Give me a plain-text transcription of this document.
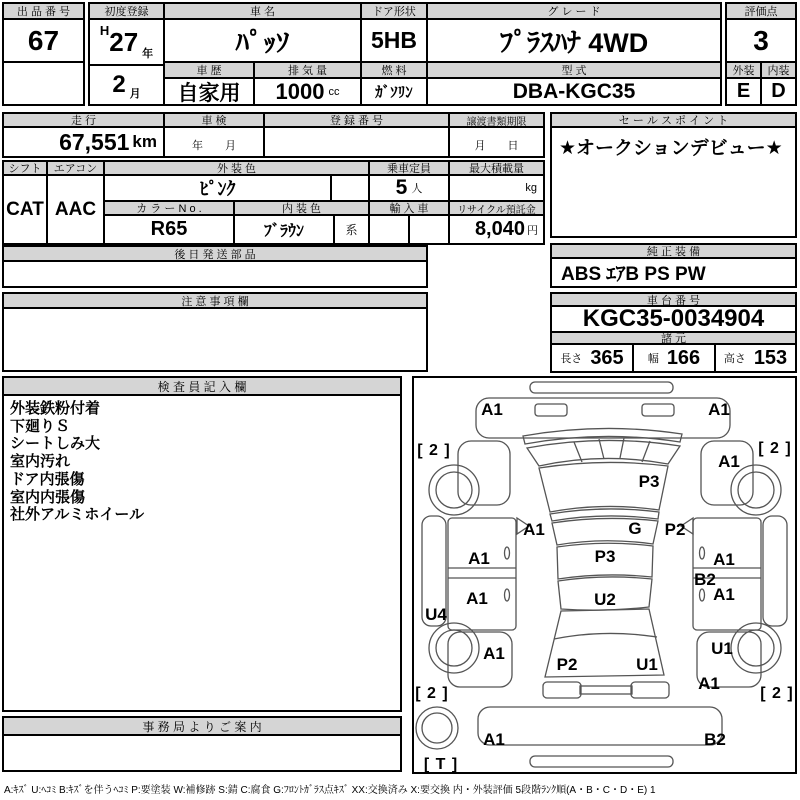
出 品 番 号
67
初度登録
H 27 年
2 月
車 名
ﾊﾟｯｿ
車 歴
自家用
排 気 量
1000 cc
ドア形状
5HB
燃 料
ｶﾞｿﾘﾝ
グ レ ー ド
ﾌﾟﾗｽﾊﾅ 4WD
型 式
DBA-KGC35
評価点
3
外装	内装
E	D
走 行
67,551 km
車 検
年　　月
登 録 番 号	譲渡書類期限
月　　日
セ ー ル ス ポ イ ン ト
★オークションデビュー★
シフト	エアコン
CAT AAC
外 装 色
ﾋﾟﾝｸ
乗車定員
5 人
最大積載量
kg
カ ラ ー N o .
R65
内 装 色
ﾌﾞﾗｳﾝ	系
輸 入 車	リサイクル預託金
8,040 円
後 日 発 送 部 品	純 正 装 備
ABS ｴｱB PS PW
注 意 事 項 欄	車 台 番 号
KGC35-0034904
諸 元
長さ 365 幅 166 高さ 153
検 査 員 記 入 欄
外装鉄粉付着
下廻りＳ
シートしみ大
室内汚れ
ドア内張傷
室内内張傷
社外アルミホイール
事 務 局 よ り ご 案 内
A:ｷｽﾞ U:ﾍｺﾐ B:ｷｽﾞを伴うﾍｺﾐ P:要塗装 W:補修跡 S:錆 C:腐食 G:ﾌﾛﾝﾄｶﾞﾗｽ点ｷｽﾞ XX:交換済み X:要交換 内・外装評価 5段階ﾗﾝｸ順(A・B・C・D・E) 1
A1	A1
[ 2 ]	[ 2 ]
A1
P3
A1	G P2
P3
A1	A1
B2
A1	U2	A1
U4
A1	U1
P2	U1
A1
[ 2 ]	[ 2 ]
A1	B2
[ T ]
